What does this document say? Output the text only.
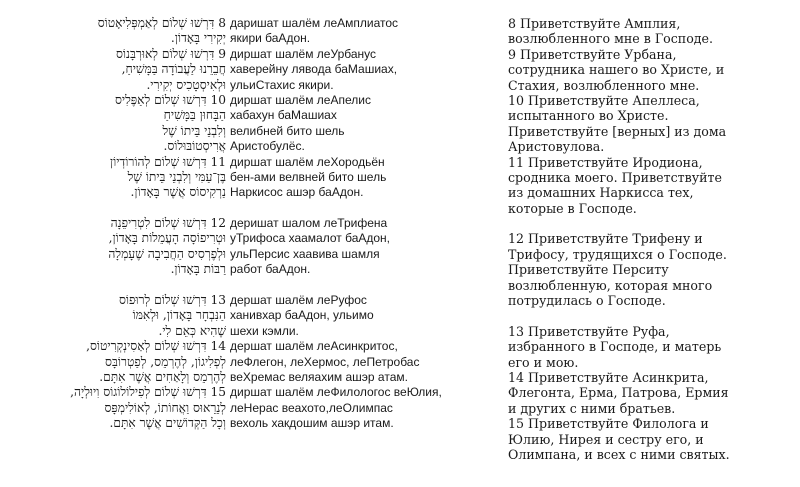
8 דִּרְשׁוּ שְׁלוֹם לְאַמְפְּלִיאָטוֹס
יְקִירִי בָּאָדוֹן.
9 דִּרְשׁוּ שְׁלוֹם לְאוּרְבָּנוֹס
חֲבֵרֵנוּ לַעֲבוֹדָה בַּמָּשִׁיחַ,
וּלְאִיסְטָכִיס יְקִירִי.
10 דִּרְשׁוּ שְׁלוֹם לְאַפֶּלִיס
הַבָּחוּן בַּמָּשִׁיחַ
וְלִבְנֵי בֵּיתוֹ שֶׁל
אֲרִיסְטוֹבּוּלוֹס.
11 דִּרְשׁוּ שְׁלוֹם לְהוֹרוֹדְיוֹן
בֶּן־עַמִּי וְלִבְנֵי בֵּיתוֹ שֶׁל
נַרְקִיסוֹס אֲשֶׁר בָּאָדוֹן.
12 דִּרְשׁוּ שְׁלוֹם לִטְרִיפֵנָה
וּטְרִיפוֹסָה הָעֲמֵלוֹת בָּאָדוֹן,
וּלְפֶרְסִיס הַחֲבִיבָה שֶׁעָמְלָה
רַבּוֹת בָּאָדוֹן.
13 דִּרְשׁוּ שְׁלוֹם לְרוּפוֹס
הַנִּבְחָר בָּאָדוֹן, וּלְאִמּוֹ
שֶׁהִיא כְּאֵם לִי.
14 דִּרְשׁוּ שְׁלוֹם לְאַסִינְקְרִיטוֹס,
לְפְלִיגוֹן, לְהֶרְמֵס, לְפַטְרוֹבָּס
לְהֶרְמֵס וְלָאַחִים אֲשֶׁר אִתָּם.
15 דִּרְשׁוּ שְׁלוֹם לְפִילוֹלוֹגוֹס וִיוּלְיָה,
לְנֵרֵאוּס וַאֲחוֹתוֹ, לְאוֹלִימְפָּס
וְכָל הַקְּדוֹשִׁים אֲשֶׁר אִתָּם.
дaришат шалём леАмплиатос
якири баАдон.
диршат шалём леУрбанус
хаверейну лявода баМашиах,
ульиСтахис якири.
диршат шалём леАпелис
хабахун баМашиах
велибней бито шель
Аристобулёс.
диршат шалём леХородьён
бен-ами велвней бито шель
Наркисос ашэр баАдон.
деришат шалом леТрифена
уТрифоса хаамалот баАдон,
ульПерсис хаавива шамля
работ баАдон.
дершат шалём леРуфос
ханивхар баАдон, ульимо
шехи кэмли.
дершат шалём леАсинкритос,
леФлегон, леХермос, леПетробас
веХремас веляахим ашэр атам.
диршат шалём леФилологос веЮлия,
леНерас веахото,леОлимпас
вехоль хакдошим ашэр итам.
8 Приветствуйте Амплия,
возлюбленного мне в Господе.
9 Приветствуйте Урбана,
сотрудника нашего во Христе, и
Стахия, возлюбленного мне.
10 Приветствуйте Апеллеса,
испытанного во Христе.
Приветствуйте [верных] из дома
Аристовулова.
11 Приветствуйте Иродиона,
сродника моего. Приветствуйте
из домашних Наркисса тех,
которые в Господе.
12 Приветствуйте Трифену и
Трифосу, трудящихся о Господе.
Приветствуйте Перситу
возлюбленную, которая много
потрудилась о Господе.
13 Приветствуйте Руфа,
избранного в Господе, и матерь
его и мою.
14 Приветствуйте Асинкрита,
Флегонта, Ерма, Патрова, Ермия
и других с ними братьев.
15 Приветствуйте Филолога и
Юлию, Нирея и сестру его, и
Олимпана, и всех с ними святых.
